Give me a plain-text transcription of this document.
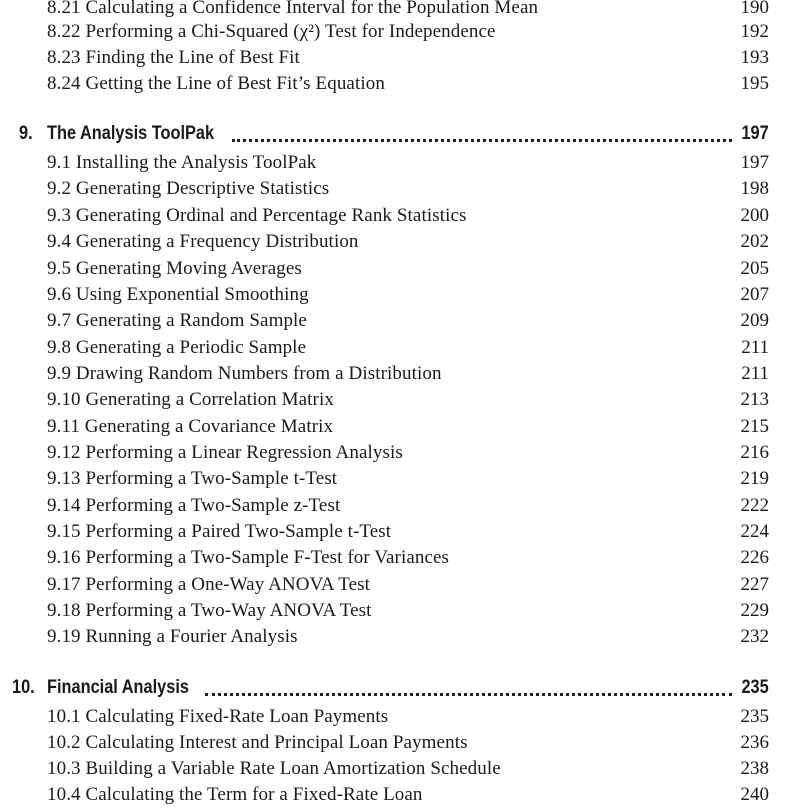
8.21 Calculating a Confidence Interval for the Population Mean	190
8.22 Performing a Chi-Squared (χ²) Test for Independence	192
8.23 Finding the Line of Best Fit	193
8.24 Getting the Line of Best Fit’s Equation	195
9. The Analysis ToolPak	197
9.1 Installing the Analysis ToolPak	197
9.2 Generating Descriptive Statistics	198
9.3 Generating Ordinal and Percentage Rank Statistics	200
9.4 Generating a Frequency Distribution	202
9.5 Generating Moving Averages	205
9.6 Using Exponential Smoothing	207
9.7 Generating a Random Sample	209
9.8 Generating a Periodic Sample	211
9.9 Drawing Random Numbers from a Distribution	211
9.10 Generating a Correlation Matrix	213
9.11 Generating a Covariance Matrix	215
9.12 Performing a Linear Regression Analysis	216
9.13 Performing a Two-Sample t-Test	219
9.14 Performing a Two-Sample z-Test	222
9.15 Performing a Paired Two-Sample t-Test	224
9.16 Performing a Two-Sample F-Test for Variances	226
9.17 Performing a One-Way ANOVA Test	227
9.18 Performing a Two-Way ANOVA Test	229
9.19 Running a Fourier Analysis	232
10. Financial Analysis	235
10.1 Calculating Fixed-Rate Loan Payments	235
10.2 Calculating Interest and Principal Loan Payments	236
10.3 Building a Variable Rate Loan Amortization Schedule	238
10.4 Calculating the Term for a Fixed-Rate Loan	240
